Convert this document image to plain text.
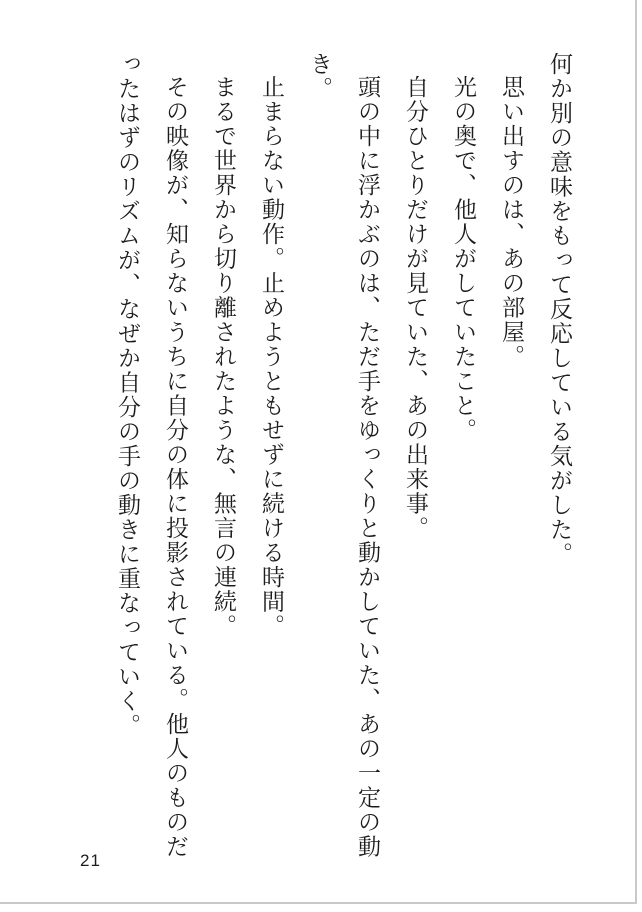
何か別の意味をもって反応している気がした。

思い出すのは、あの部屋。

光の奥で、他人がしていたこと。

自分ひとりだけが見ていた、あの出来事。

頭の中に浮かぶのは、ただ手をゆっくりと動かしていた、あの一定の動き。

止まらない動作。止めようともせずに続ける時間。

まるで世界から切り離されたような、無言の連続。

その映像が、知らないうちに自分の体に投影されている。他人のものだったはずのリズムが、なぜか自分の手の動きに重なっていく。

21
